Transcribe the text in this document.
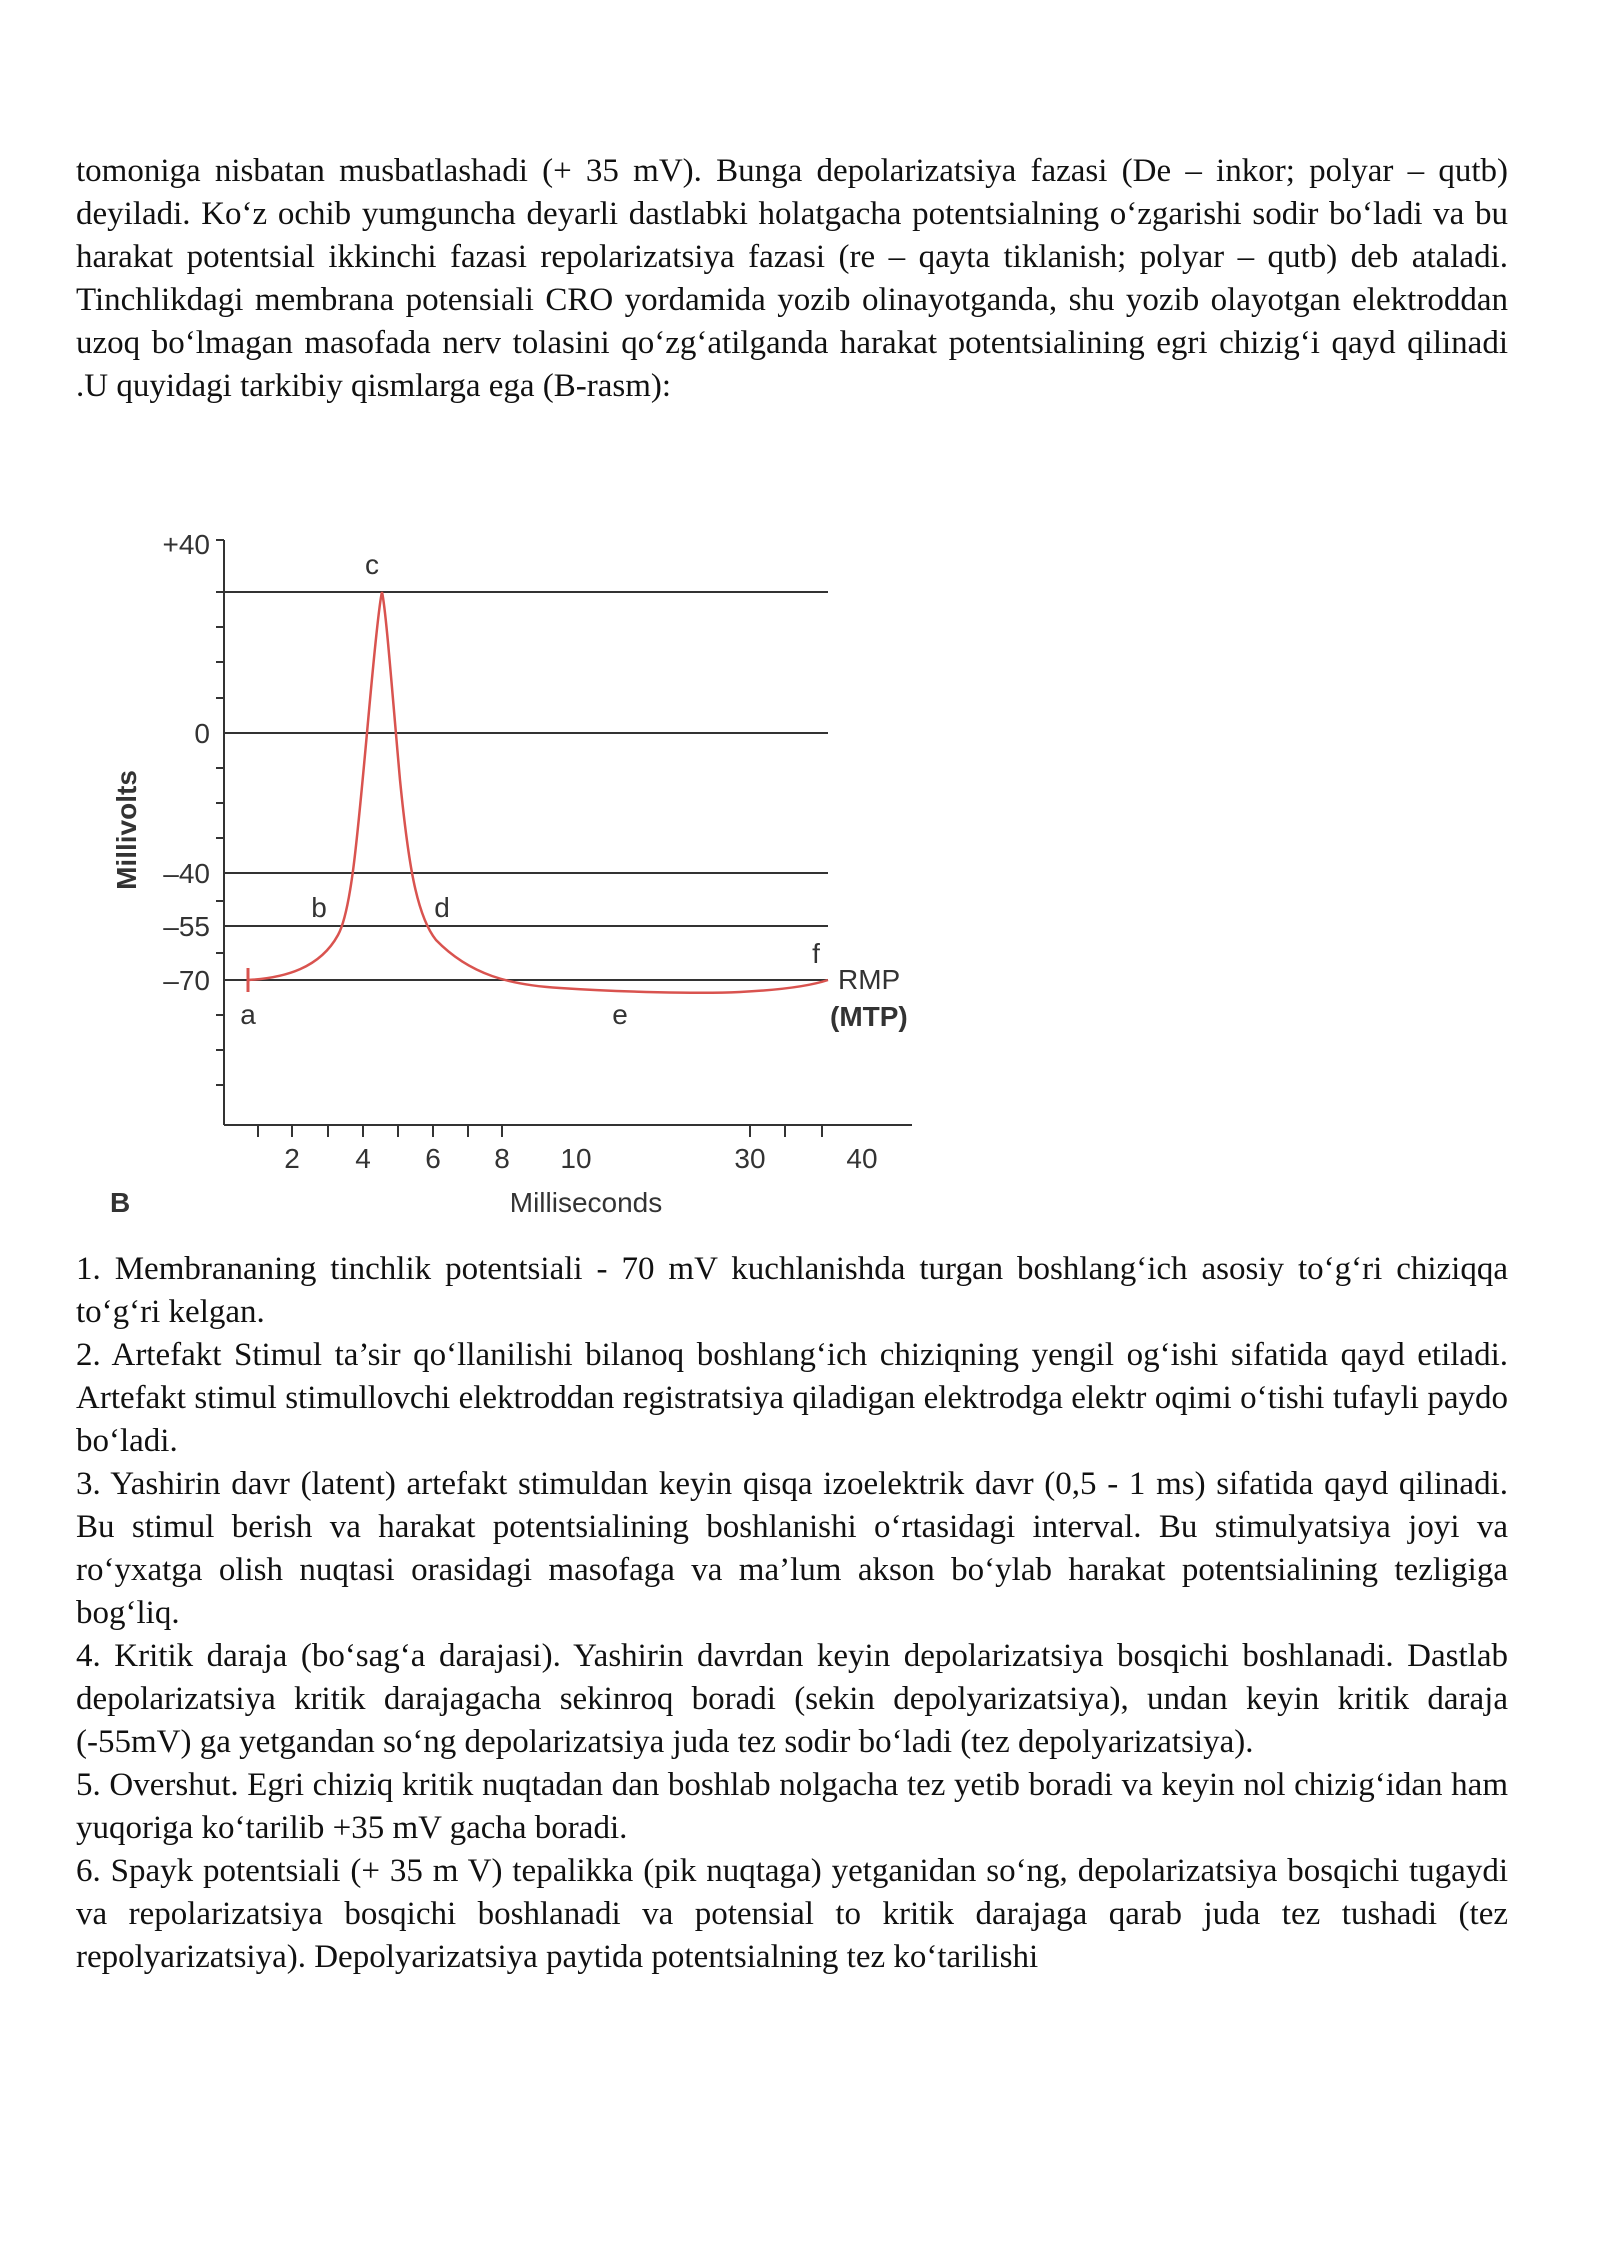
tomoniga nisbatan musbatlashadi (+ 35 mV). Bunga depolarizatsiya fazasi (De – inkor; polyar – qutb) deyiladi. Ko‘z ochib yumguncha deyarli dastlabki holatgacha potentsialning o‘zgarishi sodir bo‘ladi va bu harakat potentsial ikkinchi fazasi repolarizatsiya fazasi (re – qayta tiklanish; polyar – qutb) deb ataladi. Tinchlikdagi membrana potensiali CRO yordamida yozib olinayotganda, shu yozib olayotgan elektroddan uzoq bo‘lmagan masofada nerv tolasini qo‘zg‘atilganda harakat potentsialining egri chizig‘i qayd qilinadi .U quyidagi tarkibiy qismlarga ega (B-rasm):

+40
0
–40
–55
–70
Millivolts
2 4 6 8 10	30	40
Milliseconds
B
a
b
c
d
e
f
RMP
(MTP)

1. Membrananing tinchlik potentsiali - 70 mV kuchlanishda turgan boshlang‘ich asosiy to‘g‘ri chiziqqa to‘g‘ri kelgan.

2. Artefakt Stimul ta’sir qo‘llanilishi bilanoq boshlang‘ich chiziqning yengil og‘ishi sifatida qayd etiladi. Artefakt stimul stimullovchi elektroddan registratsiya qiladigan elektrodga elektr oqimi o‘tishi tufayli paydo bo‘ladi.

3. Yashirin davr (latent) artefakt stimuldan keyin qisqa izoelektrik davr (0,5 - 1 ms) sifatida qayd qilinadi. Bu stimul berish va harakat potentsialining boshlanishi o‘rtasidagi interval. Bu stimulyatsiya joyi va ro‘yxatga olish nuqtasi orasidagi masofaga va ma’lum akson bo‘ylab harakat potentsialining tezligiga bog‘liq.

4. Kritik daraja (bo‘sag‘a darajasi). Yashirin davrdan keyin depolarizatsiya bosqichi boshlanadi. Dastlab depolarizatsiya kritik darajagacha sekinroq boradi (sekin depolyarizatsiya), undan keyin kritik daraja (-55mV) ga yetgandan so‘ng depolarizatsiya juda tez sodir bo‘ladi (tez depolyarizatsiya).

5. Overshut. Egri chiziq kritik nuqtadan dan boshlab nolgacha tez yetib boradi va keyin nol chizig‘idan ham yuqoriga ko‘tarilib +35 mV gacha boradi.

6. Spayk potentsiali (+ 35 m V) tepalikka (pik nuqtaga) yetganidan so‘ng, depolarizatsiya bosqichi tugaydi va repolarizatsiya bosqichi boshlanadi va potensial to kritik darajaga qarab juda tez tushadi (tez repolyarizatsiya). Depolyarizatsiya paytida potentsialning tez ko‘tarilishi
